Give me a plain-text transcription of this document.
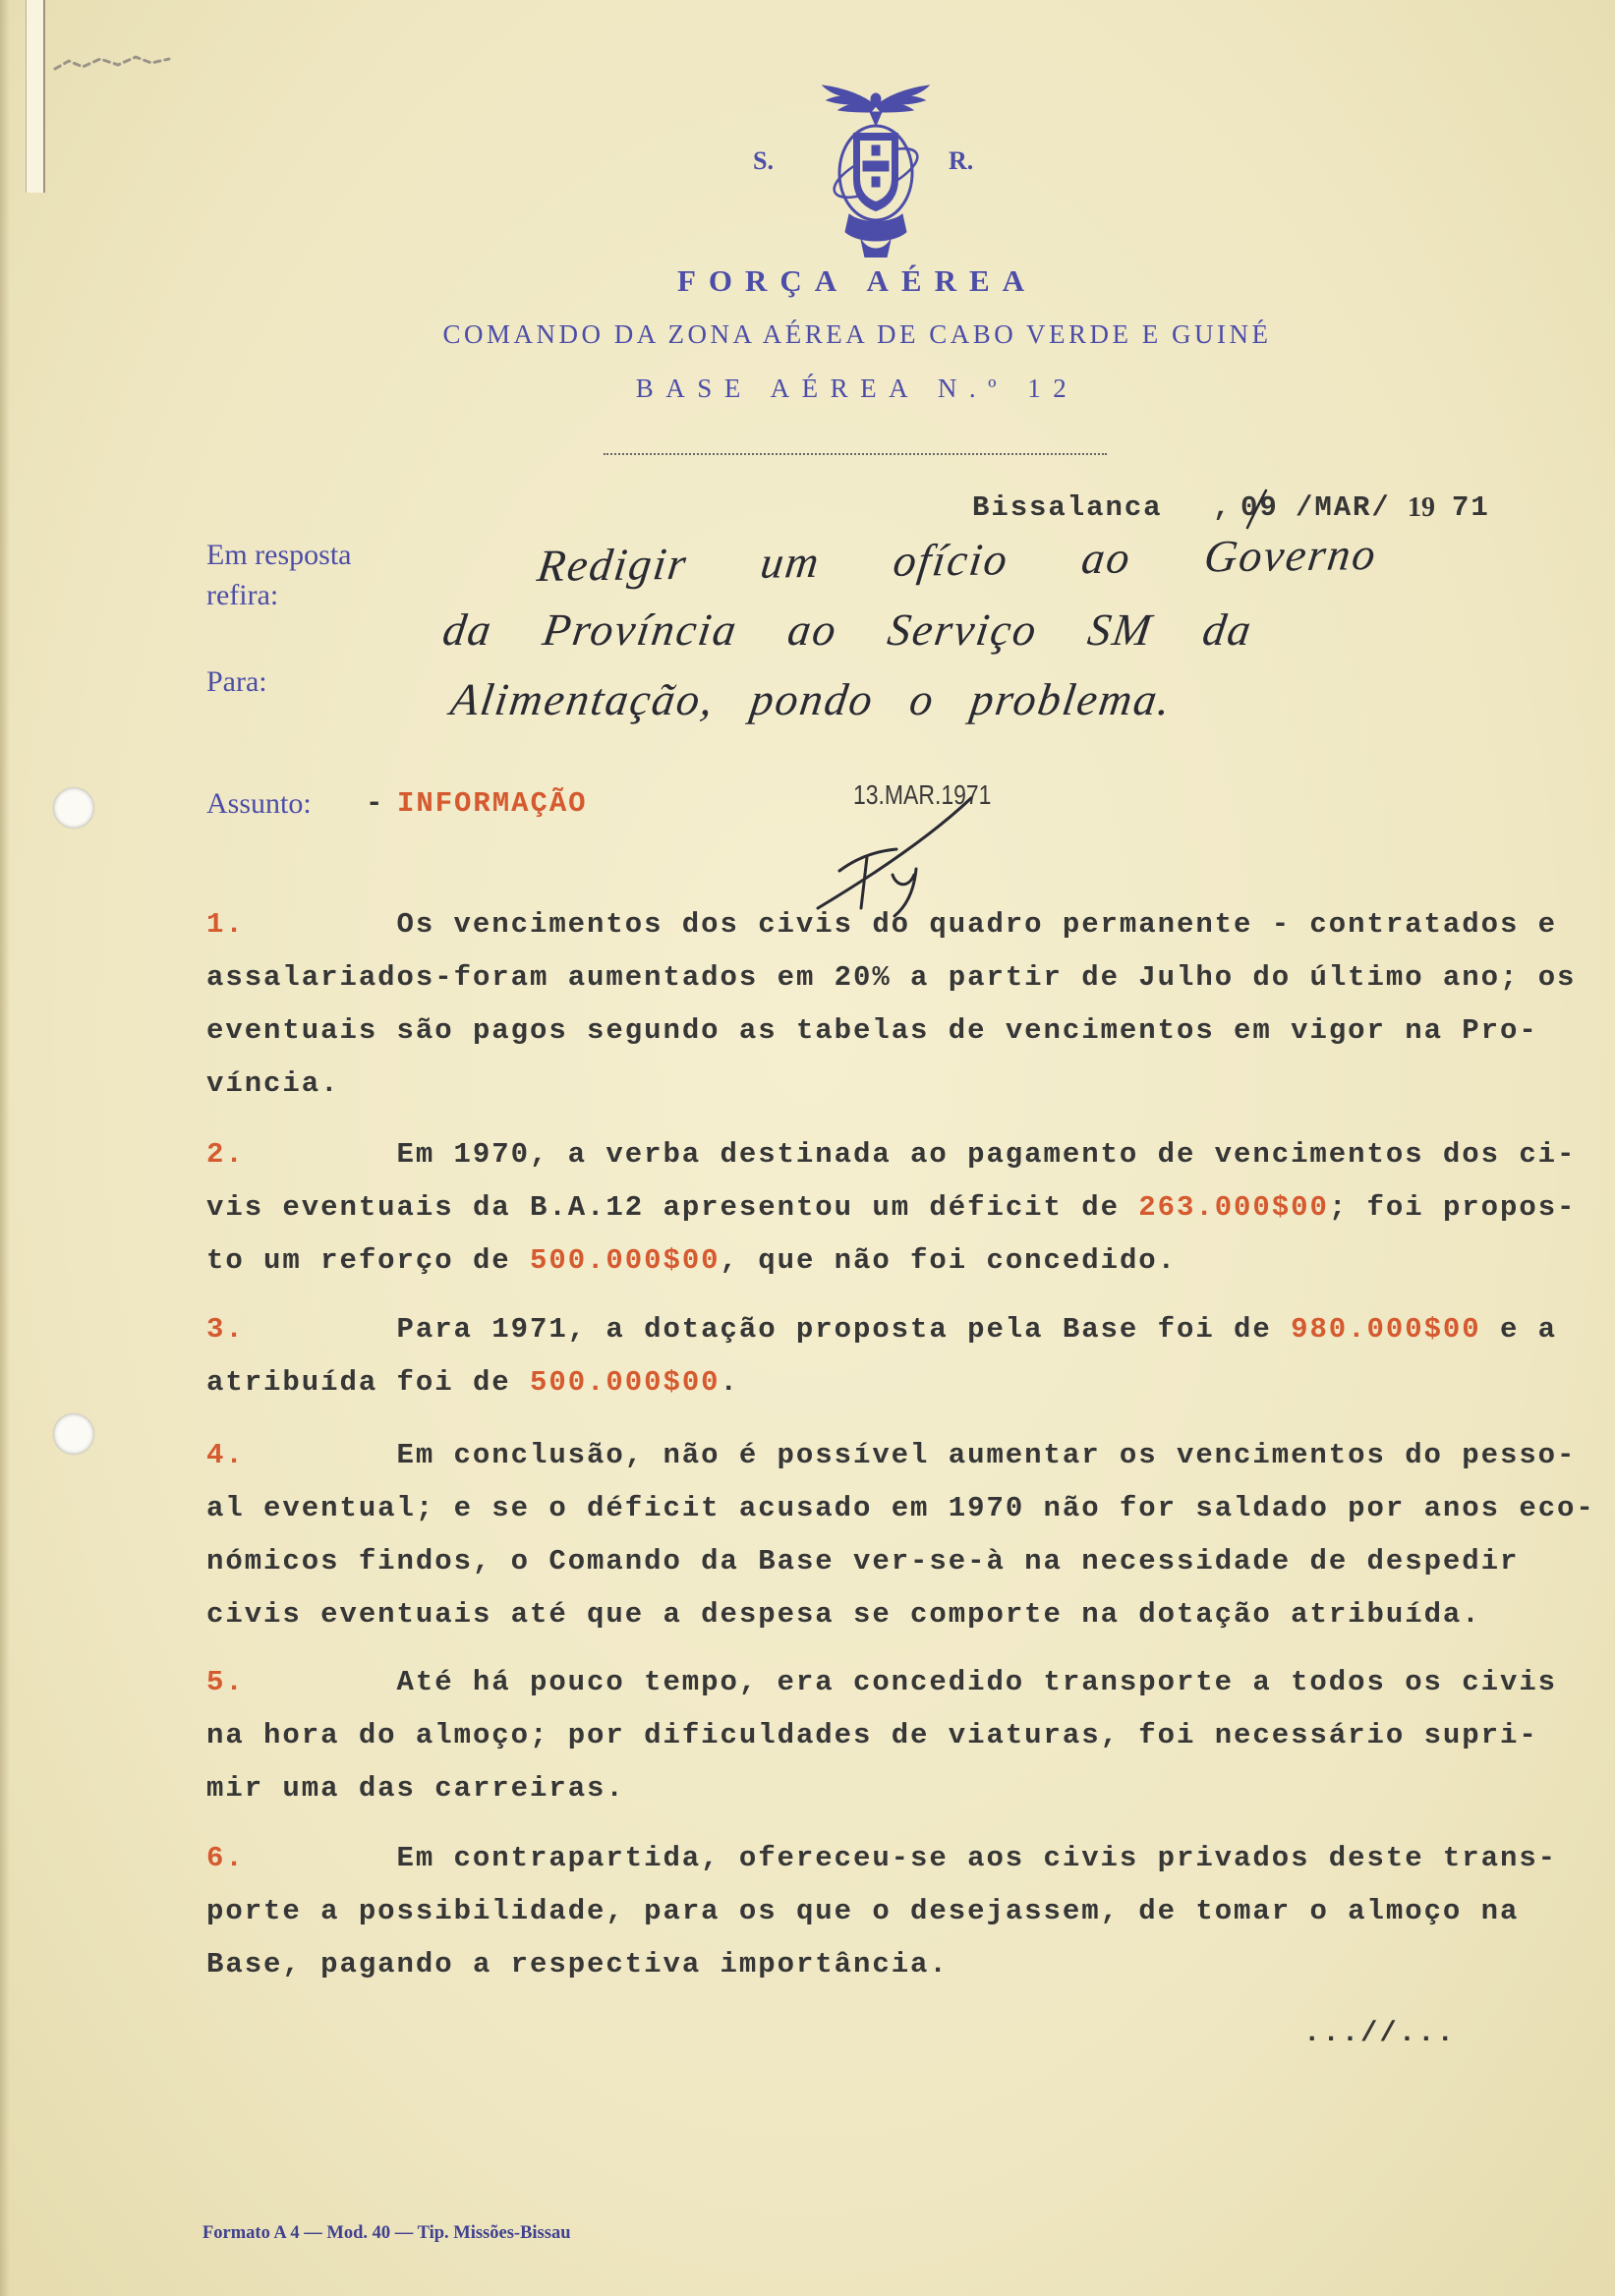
S.	R.
FORÇA AÉREA
COMANDO DA ZONA AÉREA DE CABO VERDE E GUINÉ
BASE AÉREA N.º 12
Bissalanca , 09 /MAR/ 19 71
Em resposta
refira:
Para:
Assunto: - INFORMAÇÃO
Redigir um ofício ao Governo
da Província ao Serviço SM da
Alimentação, pondo o problema.
13.MAR.1971
1.	Os vencimentos dos civis do quadro permanente - contratados e
assalariados-foram aumentados em 20% a partir de Julho do último ano; os
eventuais são pagos segundo as tabelas de vencimentos em vigor na Pro-
víncia.
2.	Em 1970, a verba destinada ao pagamento de vencimentos dos ci-
vis eventuais da B.A.12 apresentou um déficit de 263.000$00; foi propos-
to um reforço de 500.000$00, que não foi concedido.
3.	Para 1971, a dotação proposta pela Base foi de 980.000$00 e a
atribuída foi de 500.000$00.
4.	Em conclusão, não é possível aumentar os vencimentos do pesso-
al eventual; e se o déficit acusado em 1970 não for saldado por anos eco-
nómicos findos, o Comando da Base ver-se-à na necessidade de despedir
civis eventuais até que a despesa se comporte na dotação atribuída.
5.	Até há pouco tempo, era concedido transporte a todos os civis
na hora do almoço; por dificuldades de viaturas, foi necessário supri-
mir uma das carreiras.
6.	Em contrapartida, ofereceu-se aos civis privados deste trans-
porte a possibilidade, para os que o desejassem, de tomar o almoço na
Base, pagando a respectiva importância.
...//...
Formato A 4 — Mod. 40 — Tip. Missões-Bissau
